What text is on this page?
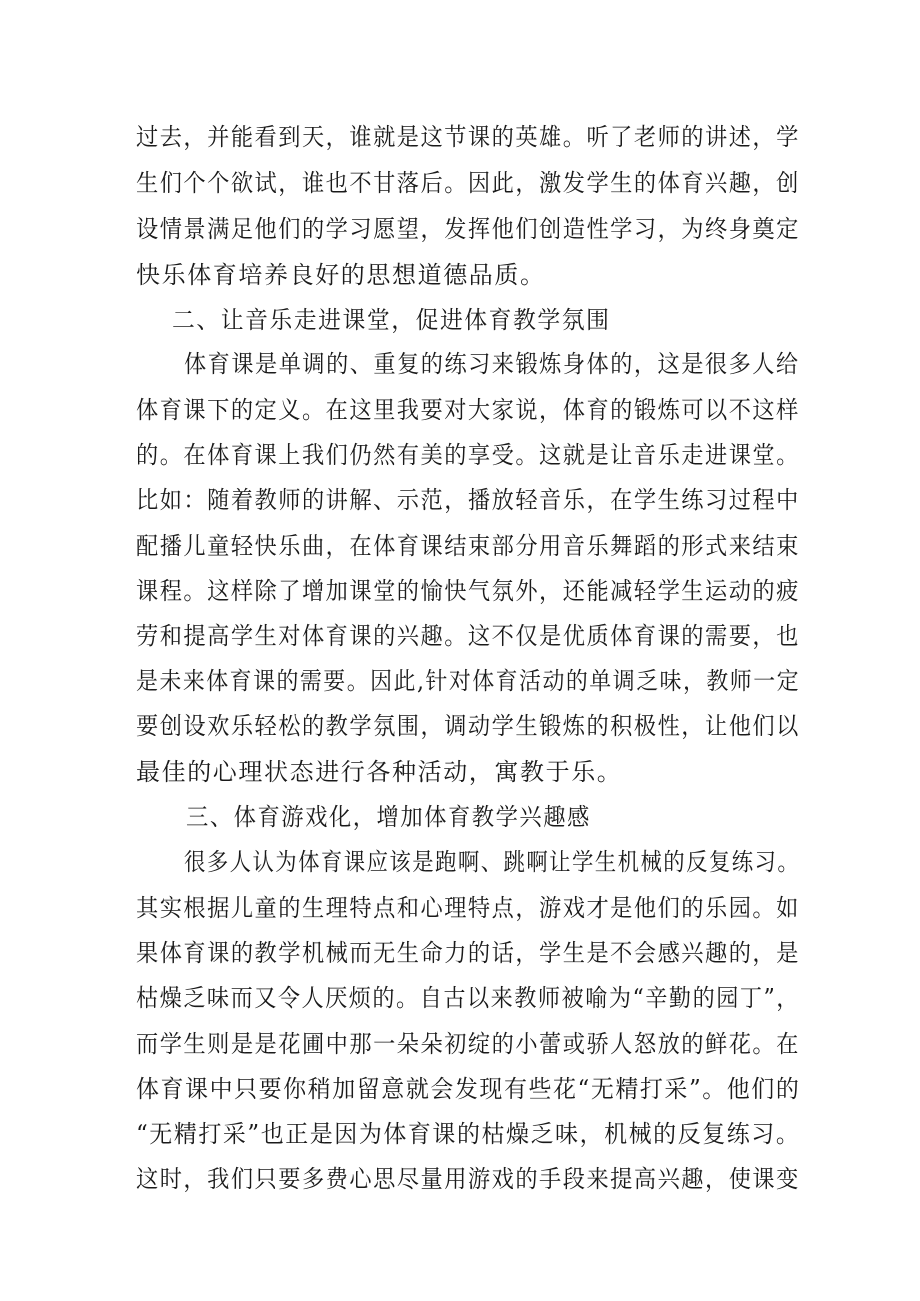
过去，并能看到天，谁就是这节课的英雄。听了老师的讲述，学
生们个个欲试，谁也不甘落后。因此，激发学生的体育兴趣，创
设情景满足他们的学习愿望，发挥他们创造性学习，为终身奠定
快乐体育培养良好的思想道德品质。
二、让音乐走进课堂，促进体育教学氛围
体育课是单调的、重复的练习来锻炼身体的，这是很多人给
体育课下的定义。在这里我要对大家说，体育的锻炼可以不这样
的。在体育课上我们仍然有美的享受。这就是让音乐走进课堂。
比如：随着教师的讲解、示范，播放轻音乐，在学生练习过程中
配播儿童轻快乐曲，在体育课结束部分用音乐舞蹈的形式来结束
课程。这样除了增加课堂的愉快气氛外，还能减轻学生运动的疲
劳和提高学生对体育课的兴趣。这不仅是优质体育课的需要，也
是未来体育课的需要。因此,针对体育活动的单调乏味，教师一定
要创设欢乐轻松的教学氛围，调动学生锻炼的积极性，让他们以
最佳的心理状态进行各种活动，寓教于乐。
三、体育游戏化，增加体育教学兴趣感
很多人认为体育课应该是跑啊、跳啊让学生机械的反复练习。
其实根据儿童的生理特点和心理特点，游戏才是他们的乐园。如
果体育课的教学机械而无生命力的话，学生是不会感兴趣的，是
枯燥乏味而又令人厌烦的。自古以来教师被喻为“辛勤的园丁”，
而学生则是是花圃中那一朵朵初绽的小蕾或骄人怒放的鲜花。在
体育课中只要你稍加留意就会发现有些花“无精打采”。他们的
“无精打采”也正是因为体育课的枯燥乏味，机械的反复练习。
这时，我们只要多费心思尽量用游戏的手段来提高兴趣，使课变
